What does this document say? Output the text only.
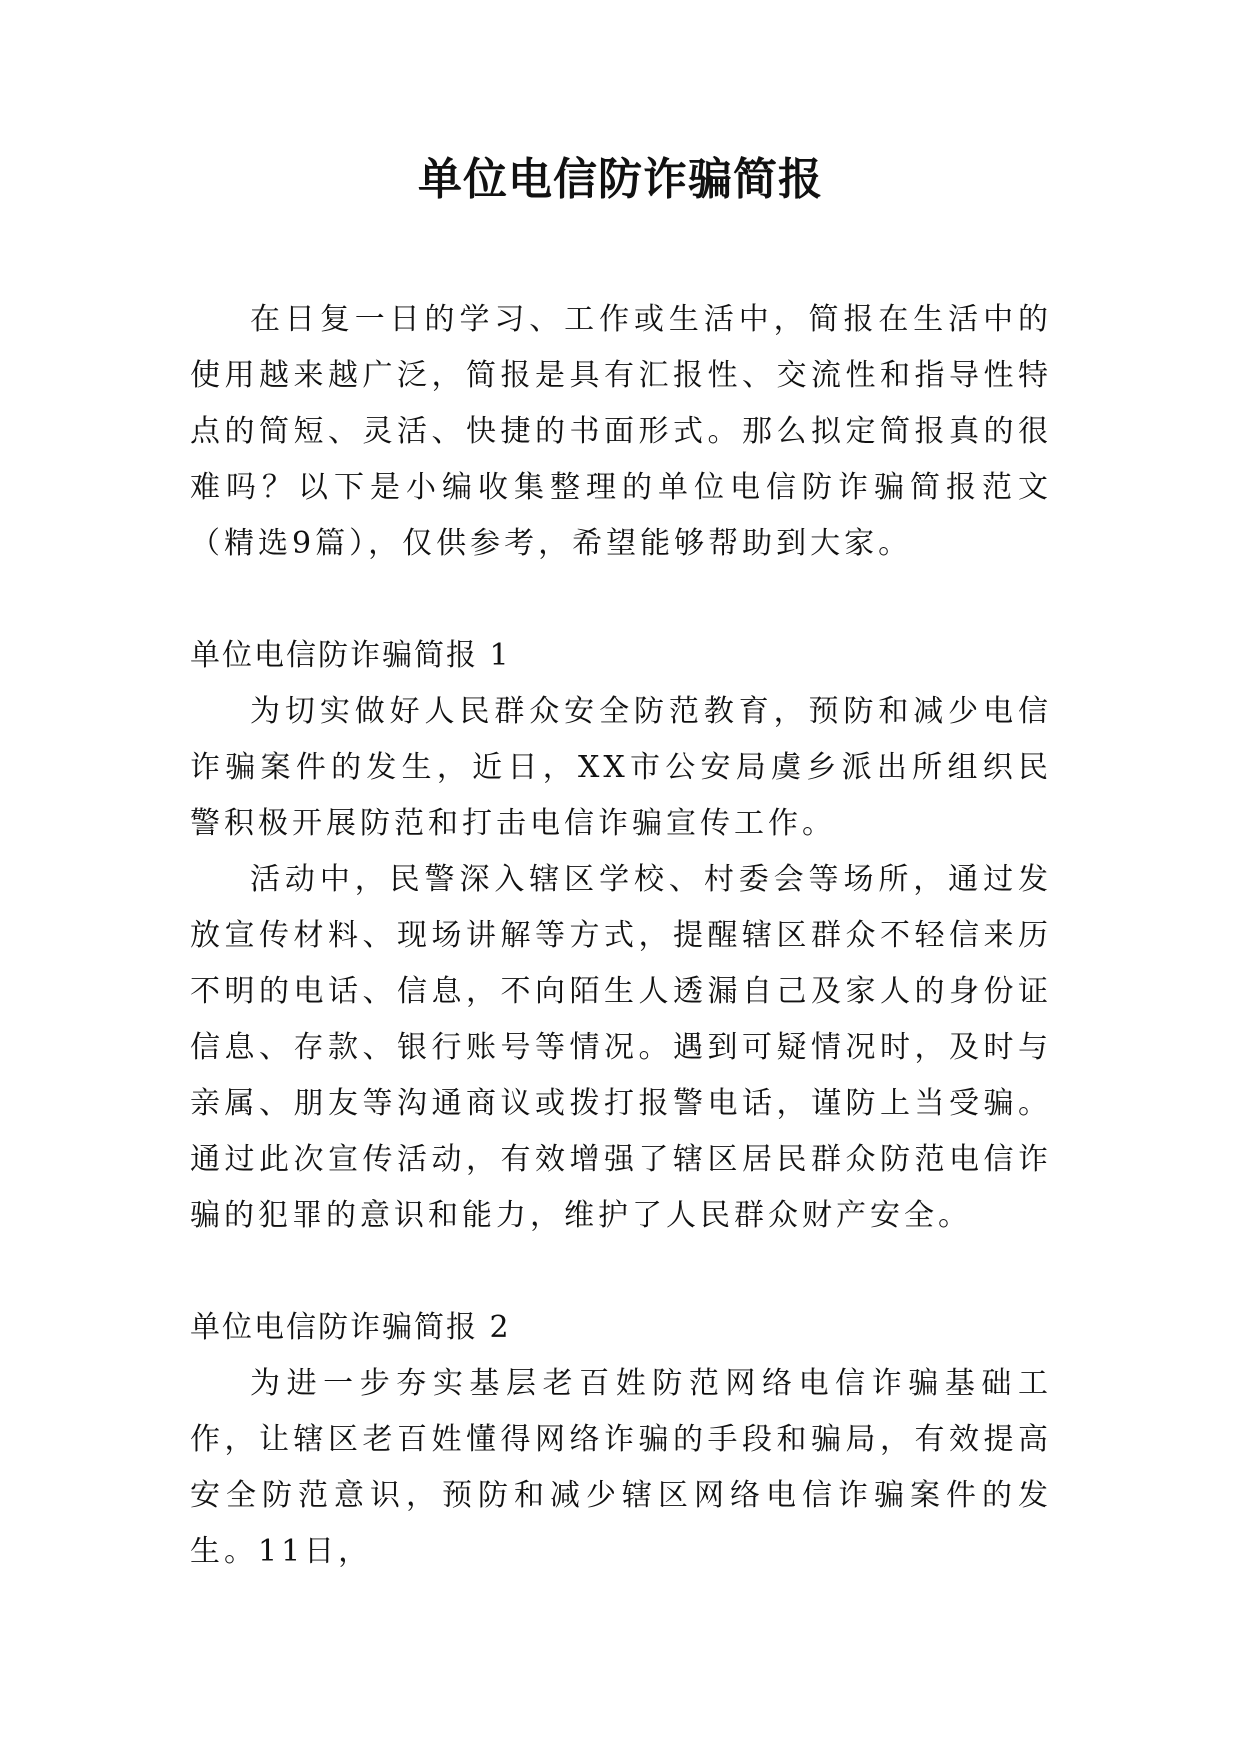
单位电信防诈骗简报

在日复一日的学习、工作或生活中，简报在生活中的使用越来越广泛，简报是具有汇报性、交流性和指导性特点的简短、灵活、快捷的书面形式。那么拟定简报真的很难吗？以下是小编收集整理的单位电信防诈骗简报范文（精选9篇），仅供参考，希望能够帮助到大家。

单位电信防诈骗简报 1

为切实做好人民群众安全防范教育，预防和减少电信诈骗案件的发生，近日，XX市公安局虞乡派出所组织民警积极开展防范和打击电信诈骗宣传工作。

活动中，民警深入辖区学校、村委会等场所，通过发放宣传材料、现场讲解等方式，提醒辖区群众不轻信来历不明的电话、信息，不向陌生人透漏自己及家人的身份证信息、存款、银行账号等情况。遇到可疑情况时，及时与亲属、朋友等沟通商议或拨打报警电话，谨防上当受骗。通过此次宣传活动，有效增强了辖区居民群众防范电信诈骗的犯罪的意识和能力，维护了人民群众财产安全。

单位电信防诈骗简报 2

为进一步夯实基层老百姓防范网络电信诈骗基础工作，让辖区老百姓懂得网络诈骗的手段和骗局，有效提高安全防范意识，预防和减少辖区网络电信诈骗案件的发生。11日，
